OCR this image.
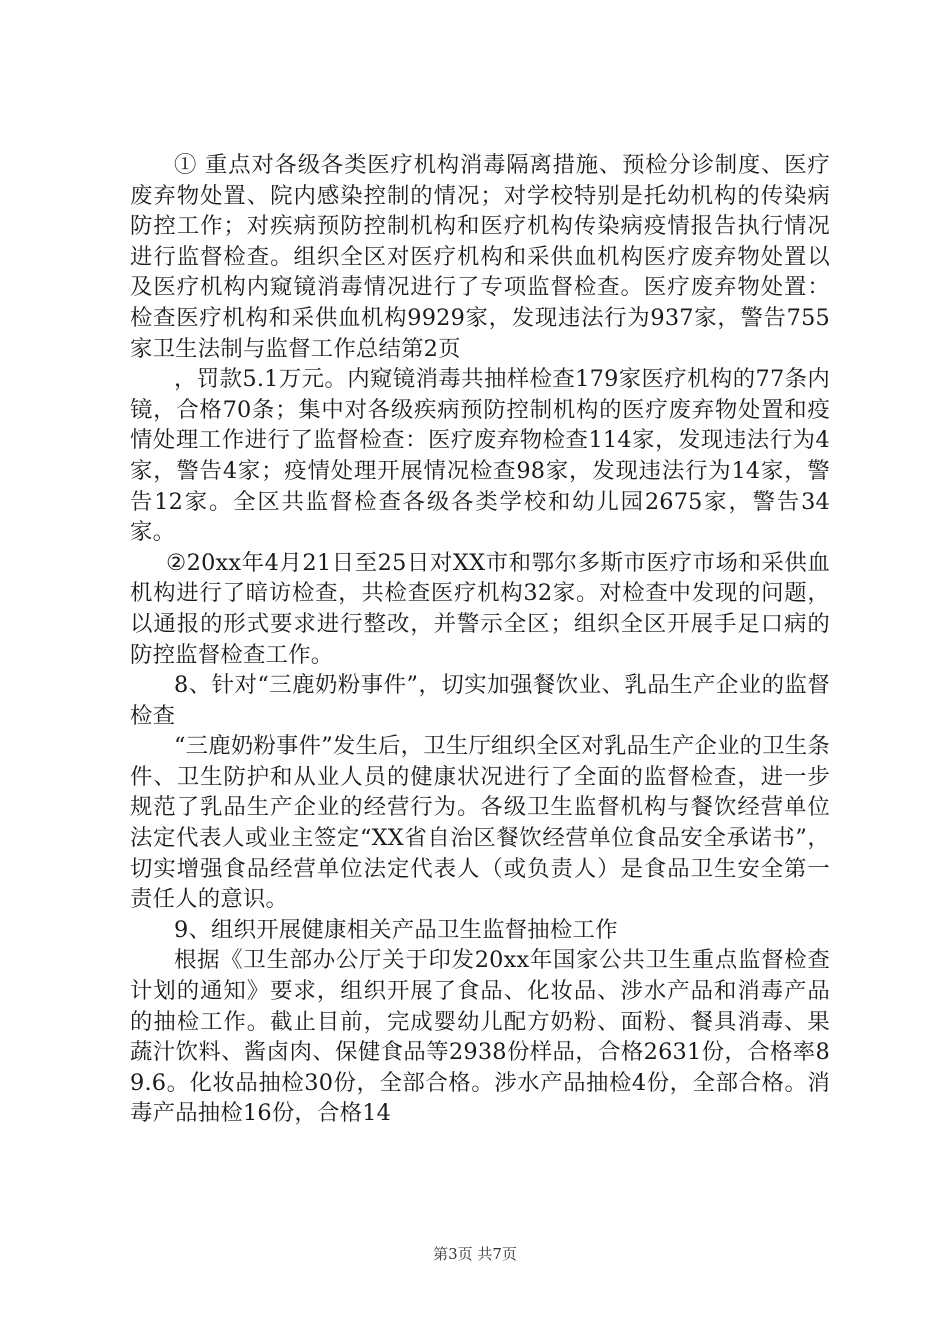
① 重点对各级各类医疗机构消毒隔离措施、预检分诊制度、医疗废弃物处置、院内感染控制的情况；对学校特别是托幼机构的传染病防控工作；对疾病预防控制机构和医疗机构传染病疫情报告执行情况进行监督检查。组织全区对医疗机构和采供血机构医疗废弃物处置以及医疗机构内窥镜消毒情况进行了专项监督检查。医疗废弃物处置：检查医疗机构和采供血机构9929家，发现违法行为937家，警告755家卫生法制与监督工作总结第2页

，罚款5.1万元。内窥镜消毒共抽样检查179家医疗机构的77条内镜，合格70条；集中对各级疾病预防控制机构的医疗废弃物处置和疫情处理工作进行了监督检查：医疗废弃物检查114家，发现违法行为4家，警告4家；疫情处理开展情况检查98家，发现违法行为14家，警告12家。全区共监督检查各级各类学校和幼儿园2675家，警告34家。

②20xx年4月21日至25日对XX市和鄂尔多斯市医疗市场和采供血机构进行了暗访检查，共检查医疗机构32家。对检查中发现的问题，以通报的形式要求进行整改，并警示全区；组织全区开展手足口病的防控监督检查工作。

8、针对“三鹿奶粉事件”，切实加强餐饮业、乳品生产企业的监督检查

“三鹿奶粉事件”发生后，卫生厅组织全区对乳品生产企业的卫生条件、卫生防护和从业人员的健康状况进行了全面的监督检查，进一步规范了乳品生产企业的经营行为。各级卫生监督机构与餐饮经营单位法定代表人或业主签定“XX省自治区餐饮经营单位食品安全承诺书”，切实增强食品经营单位法定代表人（或负责人）是食品卫生安全第一责任人的意识。

9、组织开展健康相关产品卫生监督抽检工作

根据《卫生部办公厅关于印发20xx年国家公共卫生重点监督检查计划的通知》要求，组织开展了食品、化妆品、涉水产品和消毒产品的抽检工作。截止目前，完成婴幼儿配方奶粉、面粉、餐具消毒、果蔬汁饮料、酱卤肉、保健食品等2938份样品，合格2631份，合格率89.6。化妆品抽检30份，全部合格。涉水产品抽检4份，全部合格。消毒产品抽检16份，合格14

第3页 共7页
